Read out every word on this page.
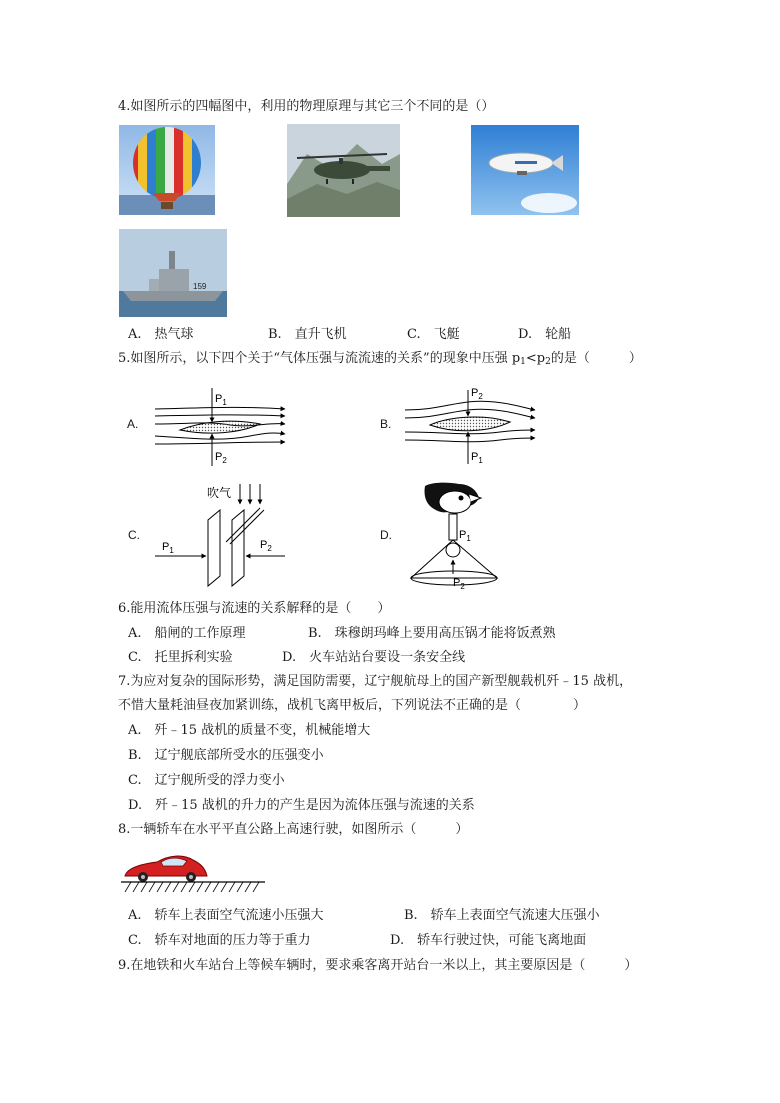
4.如图所示的四幅图中，利用的物理原理与其它三个不同的是（）
159
A.　热气球	B.　直升飞机	C.　飞艇	D.　轮船
5.如图所示，以下四个关于“气体压强与流流速的关系”的现象中压强 $p_1<p_2$的是（　　　）
A.
$P_1$
$P_2$
B.
$P_2$
$P_1$
C.
吹气
$P_1$	$P_2$
D.	$P_1$
$P_2$
6.能用流体压强与流速的关系解释的是（　　）
A.　船闸的工作原理	B.　珠穆朗玛峰上要用高压锅才能将饭煮熟
C.　托里拆利实验	D.　火车站站台要设一条安全线
7.为应对复杂的国际形势，满足国防需要，辽宁舰航母上的国产新型舰载机歼﹣15 战机，
不惜大量耗油昼夜加紧训练，战机飞离甲板后，下列说法不正确的是（　　　　）
A.　歼﹣15 战机的质量不变，机械能增大
B.　辽宁舰底部所受水的压强变小
C.　辽宁舰所受的浮力变小
D.　歼﹣15 战机的升力的产生是因为流体压强与流速的关系
8.一辆轿车在水平平直公路上高速行驶，如图所示（　　　）
A.　轿车上表面空气流速小压强大	B.　轿车上表面空气流速大压强小
C.　轿车对地面的压力等于重力	D.　轿车行驶过快，可能飞离地面
9.在地铁和火车站台上等候车辆时，要求乘客离开站台一米以上，其主要原因是（　　　）
